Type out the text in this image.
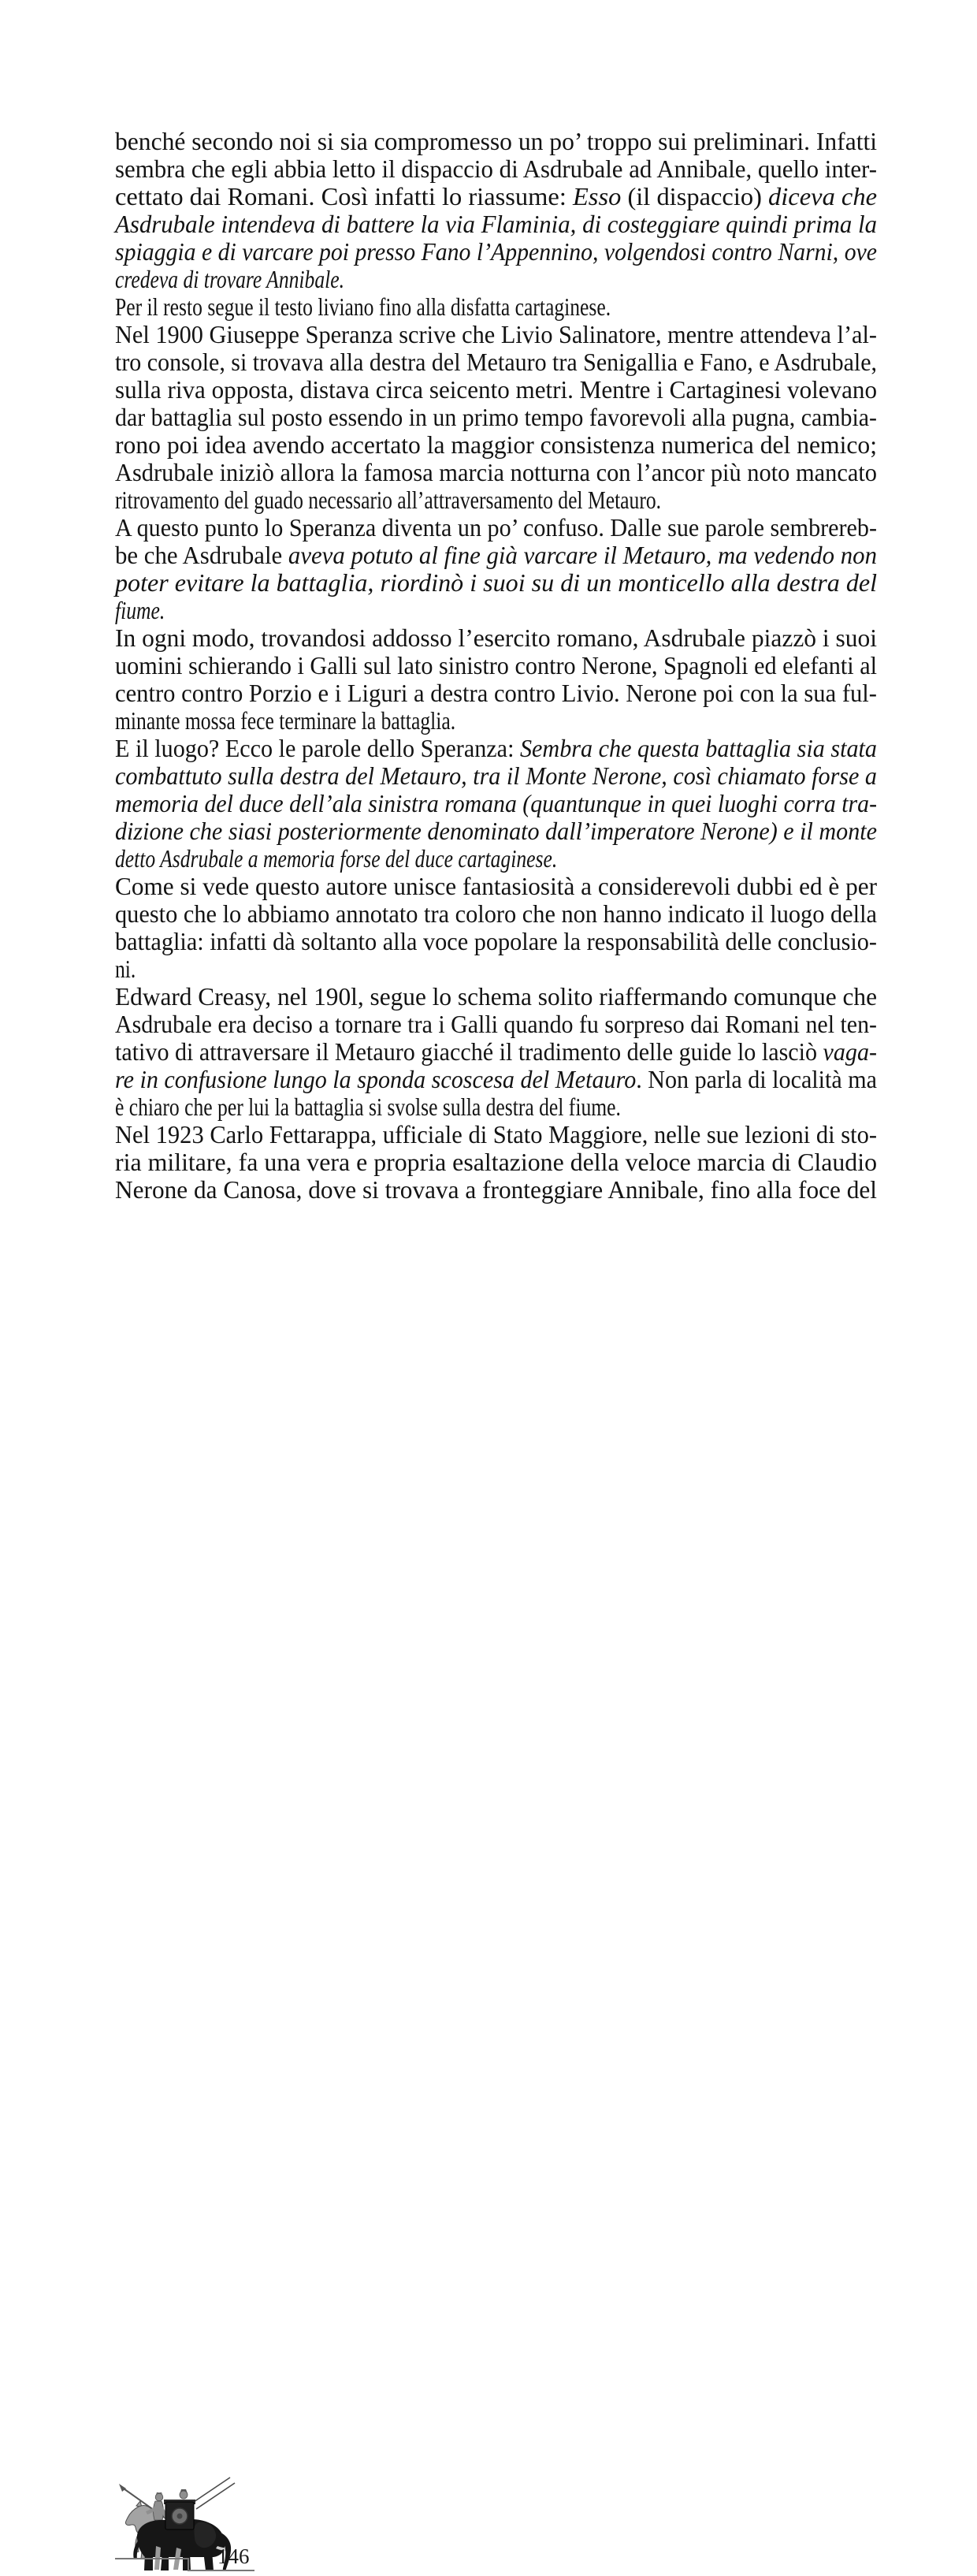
benché secondo noi si sia compromesso un po’ troppo sui preliminari. Infatti
sembra che egli abbia letto il dispaccio di Asdrubale ad Annibale, quello inter-
cettato dai Romani. Così infatti lo riassume: Esso (il dispaccio) diceva che
Asdrubale intendeva di battere la via Flaminia, di costeggiare quindi prima la
spiaggia e di varcare poi presso Fano l’Appennino, volgendosi contro Narni, ove
credeva di trovare Annibale.
Per il resto segue il testo liviano fino alla disfatta cartaginese.
Nel 1900 Giuseppe Speranza scrive che Livio Salinatore, mentre attendeva l’al-
tro console, si trovava alla destra del Metauro tra Senigallia e Fano, e Asdrubale,
sulla riva opposta, distava circa seicento metri. Mentre i Cartaginesi volevano
dar battaglia sul posto essendo in un primo tempo favorevoli alla pugna, cambia-
rono poi idea avendo accertato la maggior consistenza numerica del nemico;
Asdrubale iniziò allora la famosa marcia notturna con l’ancor più noto mancato
ritrovamento del guado necessario all’attraversamento del Metauro.
A questo punto lo Speranza diventa un po’ confuso. Dalle sue parole sembrereb-
be che Asdrubale aveva potuto al fine già varcare il Metauro, ma vedendo non
poter evitare la battaglia, riordinò i suoi su di un monticello alla destra del
fiume.
In ogni modo, trovandosi addosso l’esercito romano, Asdrubale piazzò i suoi
uomini schierando i Galli sul lato sinistro contro Nerone, Spagnoli ed elefanti al
centro contro Porzio e i Liguri a destra contro Livio. Nerone poi con la sua ful-
minante mossa fece terminare la battaglia.
E il luogo? Ecco le parole dello Speranza: Sembra che questa battaglia sia stata
combattuto sulla destra del Metauro, tra il Monte Nerone, così chiamato forse a
memoria del duce dell’ala sinistra romana (quantunque in quei luoghi corra tra-
dizione che siasi posteriormente denominato dall’imperatore Nerone) e il monte
detto Asdrubale a memoria forse del duce cartaginese.
Come si vede questo autore unisce fantasiosità a considerevoli dubbi ed è per
questo che lo abbiamo annotato tra coloro che non hanno indicato il luogo della
battaglia: infatti dà soltanto alla voce popolare la responsabilità delle conclusio-
ni.
Edward Creasy, nel 190l, segue lo schema solito riaffermando comunque che
Asdrubale era deciso a tornare tra i Galli quando fu sorpreso dai Romani nel ten-
tativo di attraversare il Metauro giacché il tradimento delle guide lo lasciò vaga-
re in confusione lungo la sponda scoscesa del Metauro. Non parla di località ma
è chiaro che per lui la battaglia si svolse sulla destra del fiume.
Nel 1923 Carlo Fettarappa, ufficiale di Stato Maggiore, nelle sue lezioni di sto-
ria militare, fa una vera e propria esaltazione della veloce marcia di Claudio
Nerone da Canosa, dove si trovava a fronteggiare Annibale, fino alla foce del
146
